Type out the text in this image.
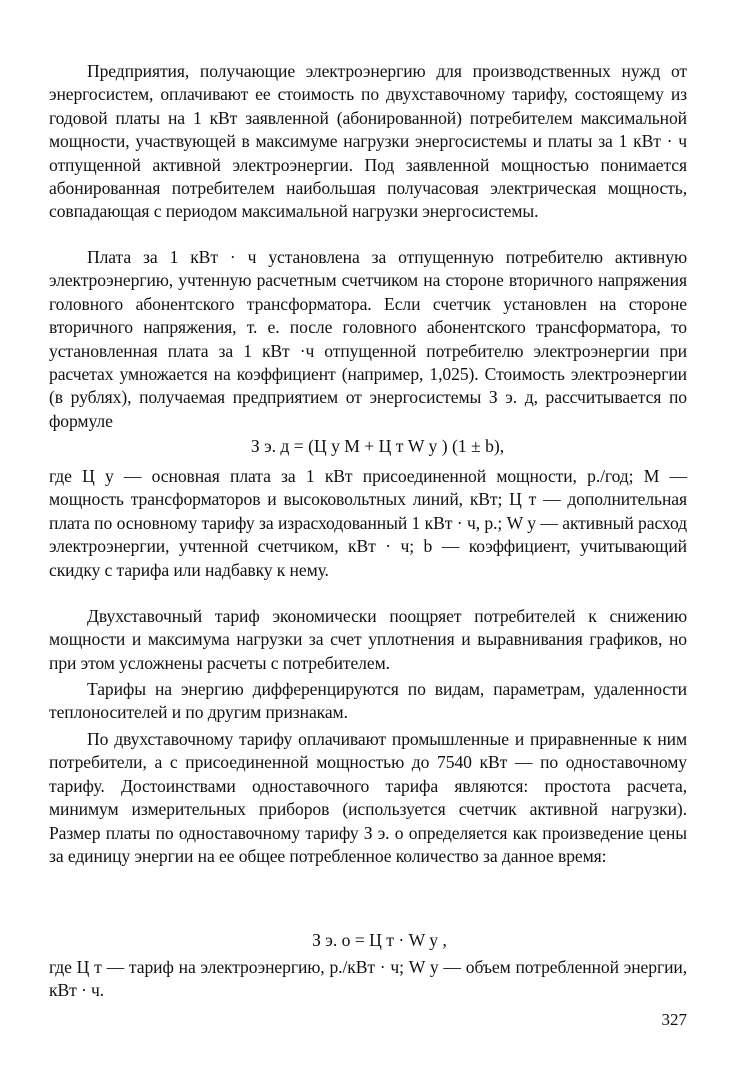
Предприятия, получающие электроэнергию для производственных нужд от энергосистем, оплачивают ее стоимость по двухставочному тарифу, состоящему из годовой платы на 1 кВт заявленной (абонированной) потребителем максимальной мощности, участвующей в максимуме нагрузки энергосистемы и платы за 1 кВт · ч отпущенной активной электроэнергии. Под заявленной мощностью понимается абонированная потребителем наибольшая получасовая электрическая мощность, совпадающая с периодом максимальной нагрузки энергосистемы.

Плата за 1 кВт · ч установлена за отпущенную потребителю активную электроэнергию, учтенную расчетным счетчиком на стороне вторичного напряжения головного абонентского трансформатора. Если счетчик установлен на стороне вторичного напряжения, т. е. после головного абонентского трансформатора, то установленная плата за 1 кВт ·ч отпущенной потребителю электроэнергии при расчетах умножается на коэффициент (например, 1,025). Стоимость электроэнергии (в рублях), получаемая предприятием от энергосистемы З э. д, рассчитывается по формуле

З э. д = (Ц y М + Ц т W y ) (1 ± b),

где Ц y — основная плата за 1 кВт присоединенной мощности, р./год; М — мощность трансформаторов и высоковольтных линий, кВт; Ц т — дополнительная плата по основному тарифу за израсходованный 1 кВт · ч, р.; W y — активный расход электроэнергии, учтенной счетчиком, кВт · ч; b — коэффициент, учитывающий скидку с тарифа или надбавку к нему.

Двухставочный тариф экономически поощряет потребителей к снижению мощности и максимума нагрузки за счет уплотнения и выравнивания графиков, но при этом усложнены расчеты с потребителем.

Тарифы на энергию дифференцируются по видам, параметрам, удаленности теплоносителей и по другим признакам.

По двухставочному тарифу оплачивают промышленные и приравненные к ним потребители, а с присоединенной мощностью до 7540 кВт — по одноставочному тарифу. Достоинствами одноставочного тарифа являются: простота расчета, минимум измерительных приборов (используется счетчик активной нагрузки). Размер платы по одноставочному тарифу З э. о определяется как произведение цены за единицу энергии на ее общее потребленное количество за данное время:

З э. о = Ц т · W y ,

где Ц т — тариф на электроэнергию, р./кВт · ч; W y — объем потребленной энергии, кВт · ч.

327
